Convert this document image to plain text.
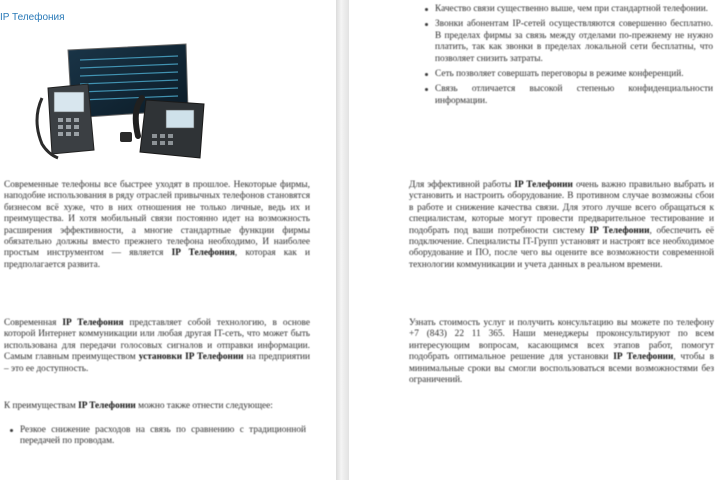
IP Телефония

Современные телефоны все быстрее уходят в прошлое. Некоторые фирмы, наподобие использования в ряду отраслей привычных телефонов становятся бизнесом всё хуже, что в них отношения не только личные, ведь их и преимущества. И хотя мобильный связи постоянно идет на возможность расширения эффективности, а многие стандартные функции фирмы обязательно должны вместо прежнего телефона необходимо, И наиболее простым инструментом — является IP Телефония, которая как и предполагается развита.

Современная IP Телефония представляет собой технологию, в основе которой Интернет коммуникации или любая другая IT-сеть, что может быть использована для передачи голосовых сигналов и отправки информации. Самым главным преимуществом установки IP Телефонии на предприятии – это ее доступность.

К преимуществам IP Телефонии можно также отнести следующее:

Резкое снижение расходов на связь по сравнению с традиционной передачей по проводам.
Качество связи существенно выше, чем при стандартной телефонии.
Звонки абонентам IP-сетей осуществляются совершенно бесплатно. В пределах фирмы за связь между отделами по-прежнему не нужно платить, так как звонки в пределах локальной сети бесплатны, что позволяет снизить затраты.
Сеть позволяет совершать переговоры в режиме конференций.
Связь отличается высокой степенью конфиденциальности информации.

Для эффективной работы IP Телефонии очень важно правильно выбрать и установить и настроить оборудование. В противном случае возможны сбои в работе и снижение качества связи. Для этого лучше всего обращаться к специалистам, которые могут провести предварительное тестирование и подобрать под ваши потребности систему IP Телефонии, обеспечить её подключение. Специалисты IT-Групп установят и настроят все необходимое оборудование и ПО, после чего вы оцените все возможности современной технологии коммуникации и учета данных в реальном времени.

Узнать стоимость услуг и получить консультацию вы можете по телефону +7 (843) 22 11 365. Наши менеджеры проконсультируют по всем интересующим вопросам, касающимся всех этапов работ, помогут подобрать оптимальное решение для установки IP Телефонии, чтобы в минимальные сроки вы смогли воспользоваться всеми возможностями без ограничений.
